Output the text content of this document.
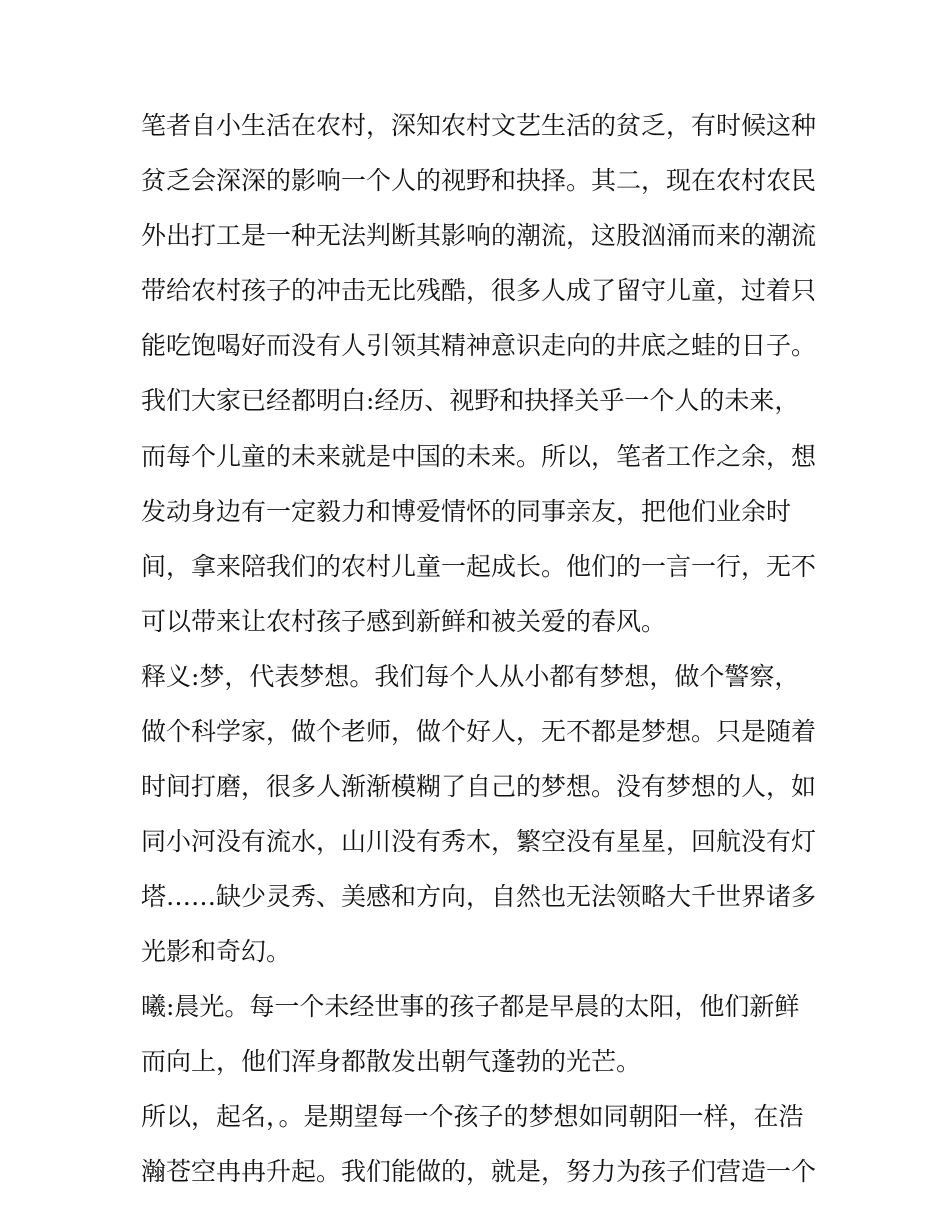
笔者自小生活在农村，深知农村文艺生活的贫乏，有时候这种
贫乏会深深的影响一个人的视野和抉择。其二，现在农村农民
外出打工是一种无法判断其影响的潮流，这股汹涌而来的潮流
带给农村孩子的冲击无比残酷，很多人成了留守儿童，过着只
能吃饱喝好而没有人引领其精神意识走向的井底之蛙的日子。
我们大家已经都明白:经历、视野和抉择关乎一个人的未来，
而每个儿童的未来就是中国的未来。所以，笔者工作之余，想
发动身边有一定毅力和博爱情怀的同事亲友，把他们业余时
间，拿来陪我们的农村儿童一起成长。他们的一言一行，无不
可以带来让农村孩子感到新鲜和被关爱的春风。
释义:梦，代表梦想。我们每个人从小都有梦想，做个警察，
做个科学家，做个老师，做个好人，无不都是梦想。只是随着
时间打磨，很多人渐渐模糊了自己的梦想。没有梦想的人，如
同小河没有流水，山川没有秀木，繁空没有星星，回航没有灯
塔……缺少灵秀、美感和方向，自然也无法领略大千世界诸多
光影和奇幻。
曦:晨光。每一个未经世事的孩子都是早晨的太阳，他们新鲜
而向上，他们浑身都散发出朝气蓬勃的光芒。
所以，起名，。是期望每一个孩子的梦想如同朝阳一样，在浩
瀚苍空冉冉升起。我们能做的，就是，努力为孩子们营造一个
